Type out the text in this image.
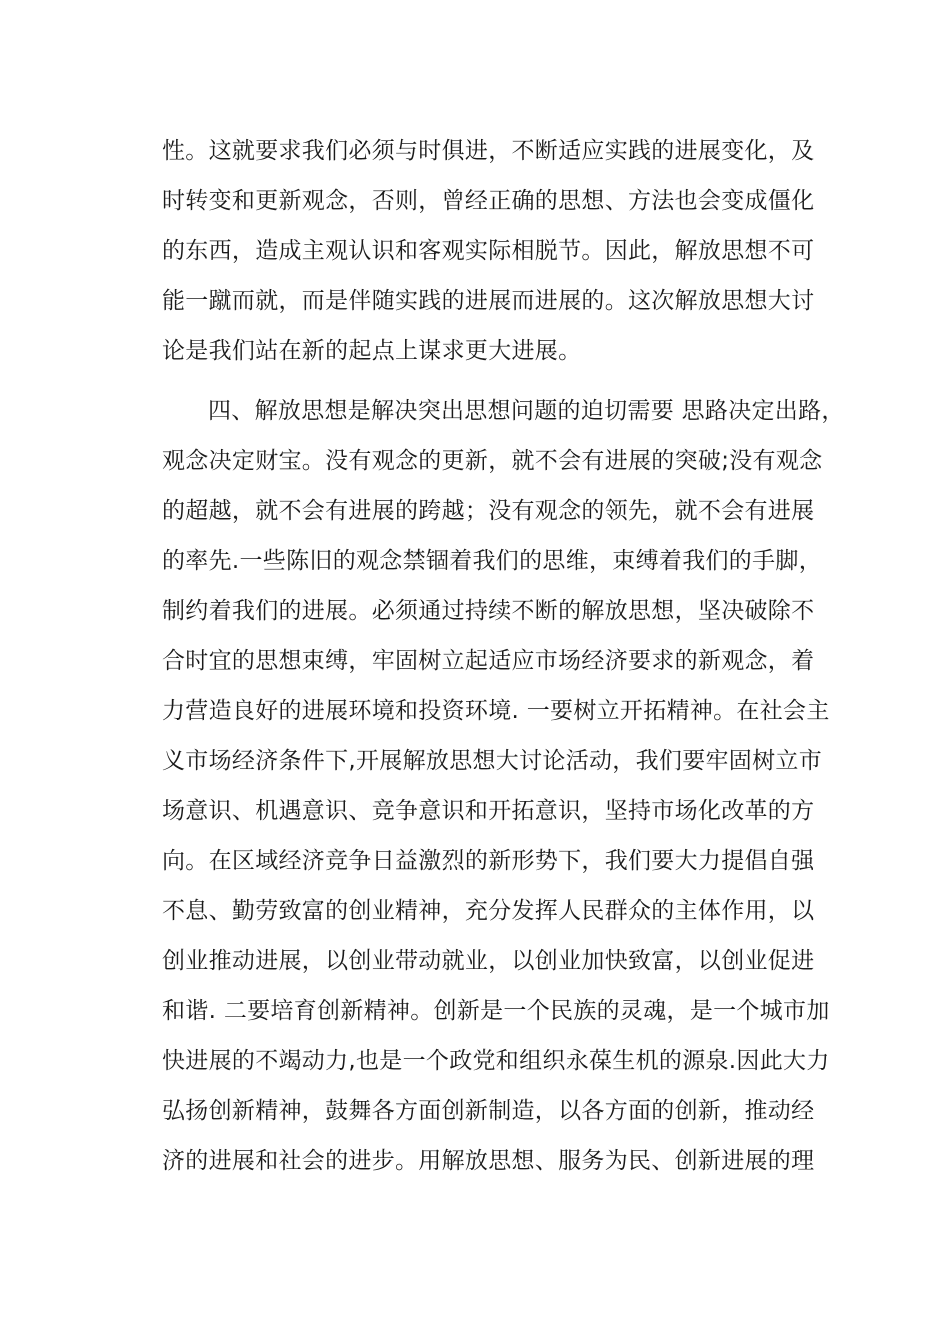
性。这就要求我们必须与时俱进，不断适应实践的进展变化，及
时转变和更新观念，否则，曾经正确的思想、方法也会变成僵化
的东西，造成主观认识和客观实际相脱节。因此，解放思想不可
能一蹴而就，而是伴随实践的进展而进展的。这次解放思想大讨
论是我们站在新的起点上谋求更大进展。
四、解放思想是解决突出思想问题的迫切需要 思路决定出路，
观念决定财宝。没有观念的更新，就不会有进展的突破;没有观念
的超越，就不会有进展的跨越；没有观念的领先，就不会有进展
的率先.一些陈旧的观念禁锢着我们的思维，束缚着我们的手脚，
制约着我们的进展。必须通过持续不断的解放思想，坚决破除不
合时宜的思想束缚，牢固树立起适应市场经济要求的新观念，着
力营造良好的进展环境和投资环境. 一要树立开拓精神。在社会主
义市场经济条件下,开展解放思想大讨论活动，我们要牢固树立市
场意识、机遇意识、竞争意识和开拓意识，坚持市场化改革的方
向。在区域经济竞争日益激烈的新形势下，我们要大力提倡自强
不息、勤劳致富的创业精神，充分发挥人民群众的主体作用，以
创业推动进展，以创业带动就业，以创业加快致富，以创业促进
和谐. 二要培育创新精神。创新是一个民族的灵魂，是一个城市加
快进展的不竭动力,也是一个政党和组织永葆生机的源泉.因此大力
弘扬创新精神，鼓舞各方面创新制造，以各方面的创新，推动经
济的进展和社会的进步。用解放思想、服务为民、创新进展的理
